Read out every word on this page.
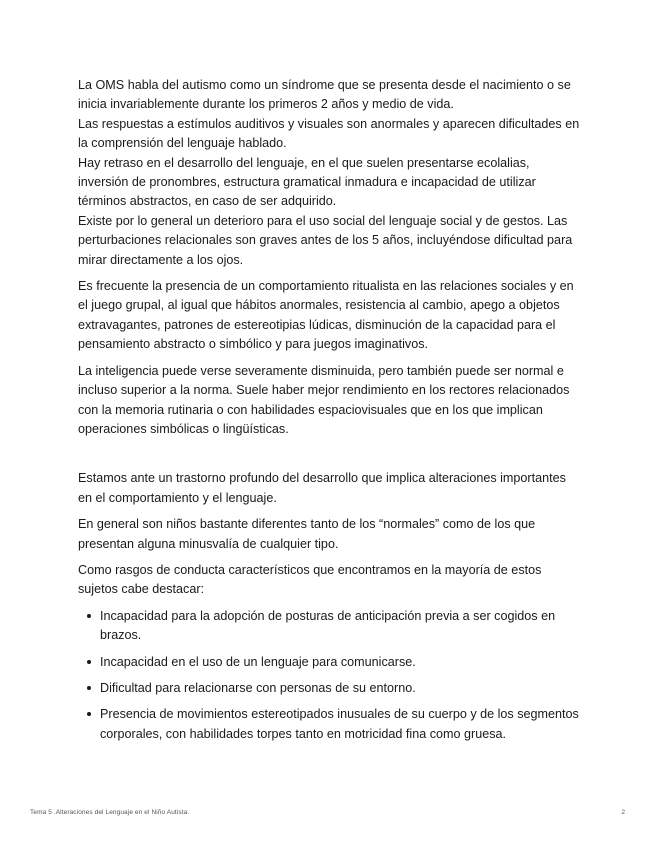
La OMS habla del autismo como un síndrome que se presenta desde el nacimiento o se inicia invariablemente durante los primeros 2 años y medio de vida.

Las respuestas a estímulos auditivos y visuales son anormales y aparecen dificultades en la comprensión del lenguaje hablado.

Hay retraso en el desarrollo del lenguaje, en el que suelen presentarse ecolalias, inversión de pronombres, estructura gramatical inmadura e incapacidad de utilizar términos abstractos, en caso de ser adquirido.

Existe por lo general un deterioro para el uso social del lenguaje social y de gestos. Las perturbaciones relacionales son graves antes de los 5 años, incluyéndose dificultad para mirar directamente a los ojos.

Es frecuente la presencia de un comportamiento ritualista en las relaciones sociales y en el juego grupal, al igual que hábitos anormales, resistencia al cambio, apego a objetos extravagantes, patrones de estereotipias lúdicas, disminución de la capacidad para el pensamiento abstracto o simbólico y para juegos imaginativos.

La inteligencia puede verse severamente disminuida, pero también puede ser normal e incluso superior a la norma. Suele haber mejor rendimiento en los rectores relacionados con la memoria rutinaria o con habilidades espaciovisuales que en los que implican operaciones simbólicas o lingüísticas.

Estamos ante un trastorno profundo del desarrollo que implica alteraciones importantes en el comportamiento y el lenguaje.

En general son niños bastante diferentes tanto de los “normales” como de los que presentan alguna minusvalía de cualquier tipo.

Como rasgos de conducta característicos que encontramos en la mayoría de estos sujetos cabe destacar:

Incapacidad para la adopción de posturas de anticipación previa a ser cogidos en brazos.
Incapacidad en el uso de un lenguaje para comunicarse.
Dificultad para relacionarse con personas de su entorno.
Presencia de movimientos estereotipados inusuales de su cuerpo y de los segmentos corporales, con habilidades torpes tanto en motricidad fina como gruesa.
Tema 5 .Alteraciones del Lenguaje en el Niño Autista.	2
